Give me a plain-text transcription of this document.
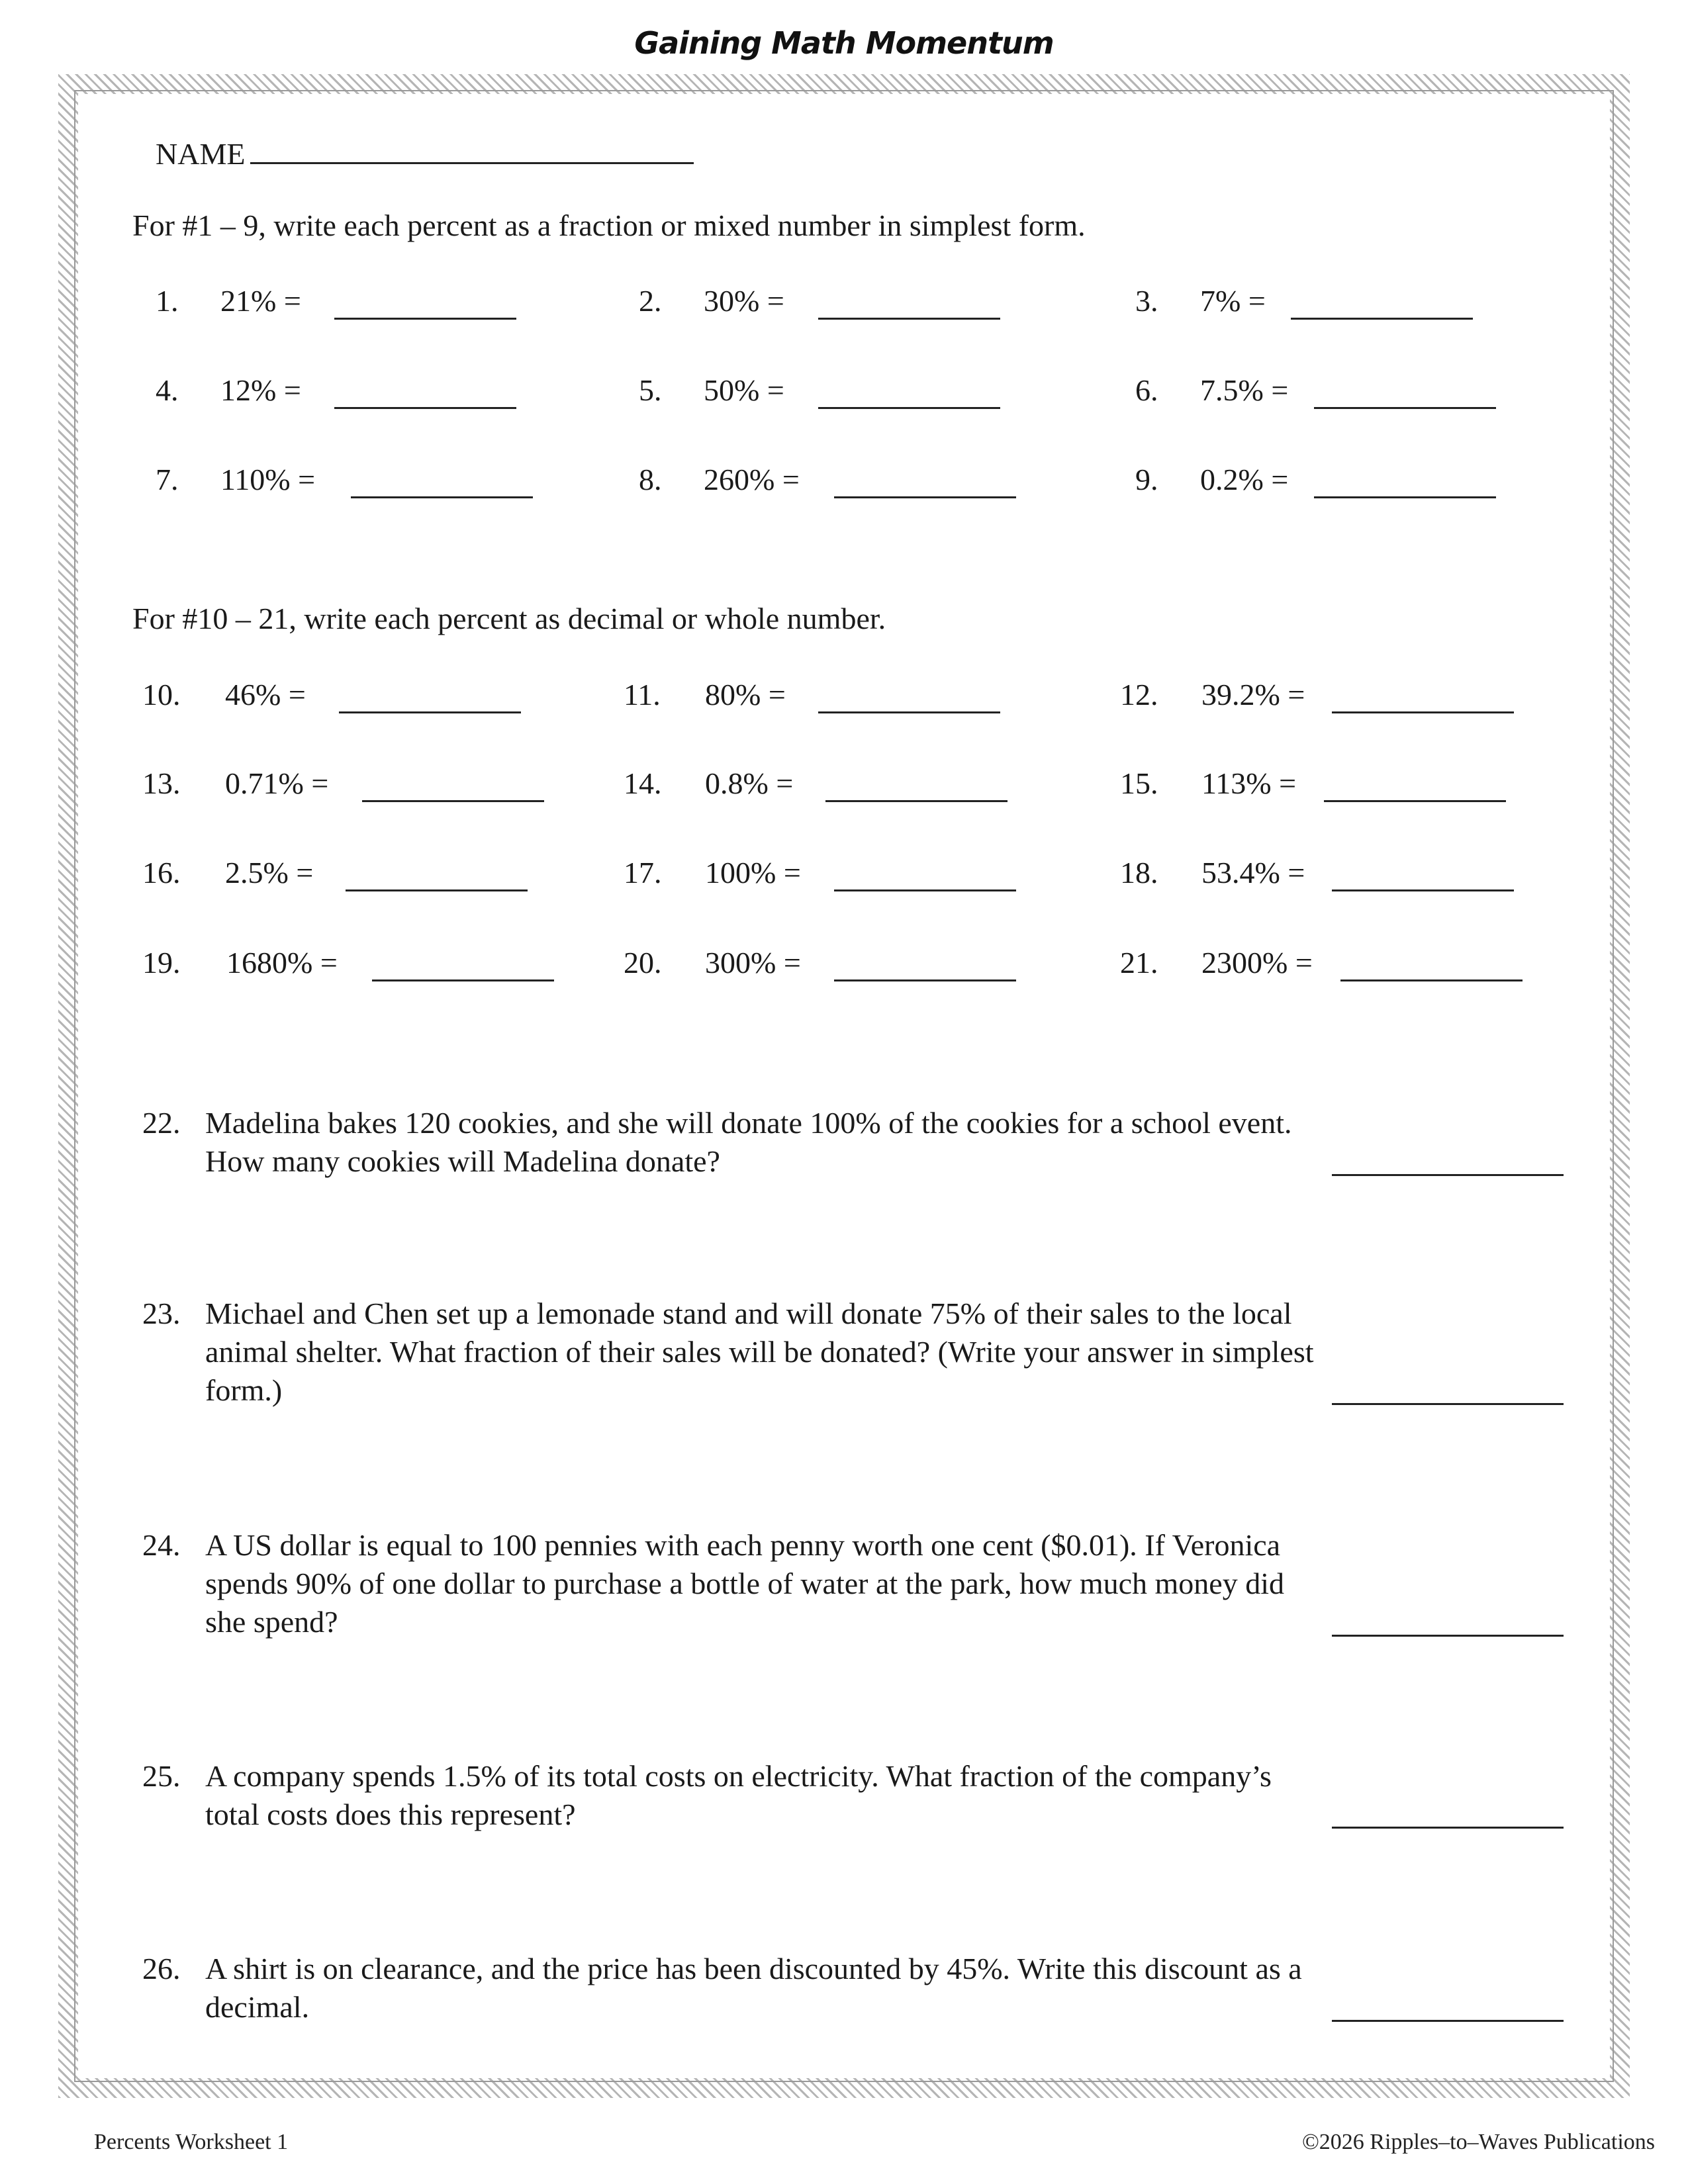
Gaining Math Momentum
NAME
For #1 – 9, write each percent as a fraction or mixed number in simplest form.
1. 21% =	2. 30% =	3. 7% =
4. 12% =	5. 50% =	6. 7.5% =
7. 110% =	8. 260% =	9. 0.2% =
For #10 – 21, write each percent as decimal or whole number.
10. 46% =	11. 80% =	12. 39.2% =
13. 0.71% =	14. 0.8% =	15. 113% =
16. 2.5% =	17. 100% =	18. 53.4% =
19. 1680% =	20. 300% =	21. 2300% =
22. Madelina bakes 120 cookies, and she will donate 100% of the cookies for a school event. How many cookies will Madelina donate?
23. Michael and Chen set up a lemonade stand and will donate 75% of their sales to the local animal shelter. What fraction of their sales will be donated? (Write your answer in simplest form.)
24. A US dollar is equal to 100 pennies with each penny worth one cent ($0.01). If Veronica spends 90% of one dollar to purchase a bottle of water at the park, how much money did she spend?
25. A company spends 1.5% of its total costs on electricity. What fraction of the company’s total costs does this represent?
26. A shirt is on clearance, and the price has been discounted by 45%. Write this discount as a decimal.
Percents Worksheet 1	©2026 Ripples–to–Waves Publications
